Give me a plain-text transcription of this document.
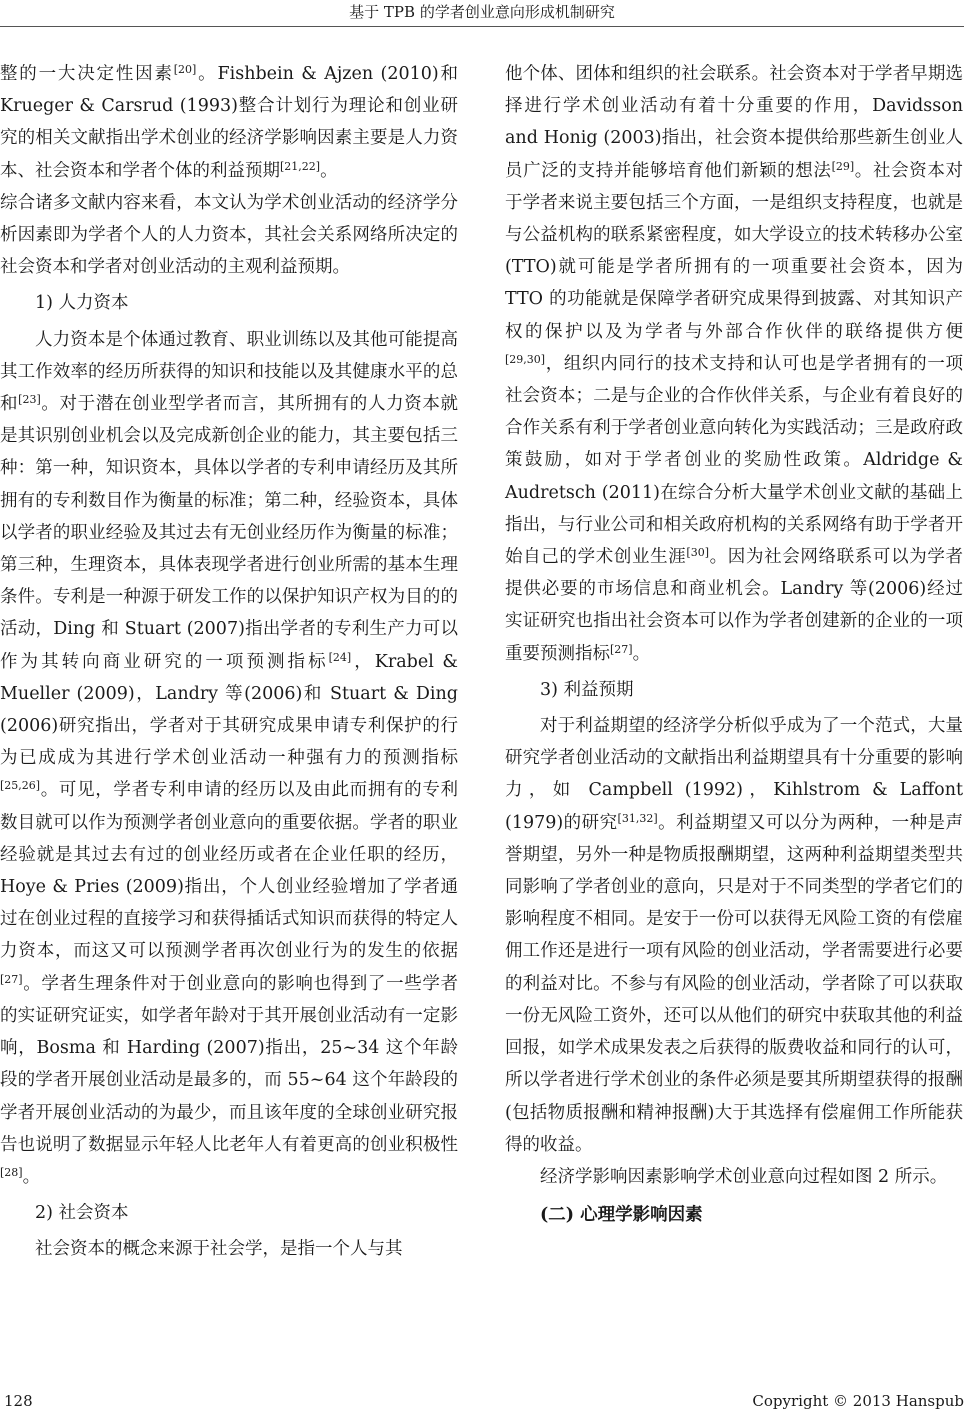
基于 TPB 的学者创业意向形成机制研究

整的一大决定性因素[20]。Fishbein & Ajzen (2010)和 Krueger & Carsrud (1993)整合计划行为理论和创业研究的相关文献指出学术创业的经济学影响因素主要是人力资本、社会资本和学者个体的利益预期[21,22]。

综合诸多文献内容来看，本文认为学术创业活动的经济学分析因素即为学者个人的人力资本，其社会关系网络所决定的社会资本和学者对创业活动的主观利益预期。

1) 人力资本

人力资本是个体通过教育、职业训练以及其他可能提高其工作效率的经历所获得的知识和技能以及其健康水平的总和[23]。对于潜在创业型学者而言，其所拥有的人力资本就是其识别创业机会以及完成新创企业的能力，其主要包括三种：第一种，知识资本，具体以学者的专利申请经历及其所拥有的专利数目作为衡量的标准；第二种，经验资本，具体以学者的职业经验及其过去有无创业经历作为衡量的标准；第三种，生理资本，具体表现学者进行创业所需的基本生理条件。专利是一种源于研发工作的以保护知识产权为目的的活动，Ding 和 Stuart (2007)指出学者的专利生产力可以作为其转向商业研究的一项预测指标[24]，Krabel & Mueller (2009)，Landry 等(2006)和 Stuart & Ding (2006)研究指出，学者对于其研究成果申请专利保护的行为已成成为其进行学术创业活动一种强有力的预测指标[25,26]。可见，学者专利申请的经历以及由此而拥有的专利数目就可以作为预测学者创业意向的重要依据。学者的职业经验就是其过去有过的创业经历或者在企业任职的经历，Hoye & Pries (2009)指出，个人创业经验增加了学者通过在创业过程的直接学习和获得插话式知识而获得的特定人力资本，而这又可以预测学者再次创业行为的发生的依据[27]。学者生理条件对于创业意向的影响也得到了一些学者的实证研究证实，如学者年龄对于其开展创业活动有一定影响，Bosma 和 Harding (2007)指出，25~34 这个年龄段的学者开展创业活动是最多的，而 55~64 这个年龄段的学者开展创业活动的为最少，而且该年度的全球创业研究报告也说明了数据显示年轻人比老年人有着更高的创业积极性[28]。

2) 社会资本

社会资本的概念来源于社会学，是指一个人与其

他个体、团体和组织的社会联系。社会资本对于学者早期选择进行学术创业活动有着十分重要的作用，Davidsson and Honig (2003)指出，社会资本提供给那些新生创业人员广泛的支持并能够培育他们新颖的想法[29]。社会资本对于学者来说主要包括三个方面，一是组织支持程度，也就是与公益机构的联系紧密程度，如大学设立的技术转移办公室(TTO)就可能是学者所拥有的一项重要社会资本，因为 TTO 的功能就是保障学者研究成果得到披露、对其知识产权的保护以及为学者与外部合作伙伴的联络提供方便[29,30]，组织内同行的技术支持和认可也是学者拥有的一项社会资本；二是与企业的合作伙伴关系，与企业有着良好的合作关系有利于学者创业意向转化为实践活动；三是政府政策鼓励，如对于学者创业的奖励性政策。Aldridge & Audretsch (2011)在综合分析大量学术创业文献的基础上指出，与行业公司和相关政府机构的关系网络有助于学者开始自己的学术创业生涯[30]。因为社会网络联系可以为学者提供必要的市场信息和商业机会。Landry 等(2006)经过实证研究也指出社会资本可以作为学者创建新的企业的一项重要预测指标[27]。

3) 利益预期

对于利益期望的经济学分析似乎成为了一个范式，大量研究学者创业活动的文献指出利益期望具有十分重要的影响力，如 Campbell (1992)，Kihlstrom & Laffont (1979)的研究[31,32]。利益期望又可以分为两种，一种是声誉期望，另外一种是物质报酬期望，这两种利益期望类型共同影响了学者创业的意向，只是对于不同类型的学者它们的影响程度不相同。是安于一份可以获得无风险工资的有偿雇佣工作还是进行一项有风险的创业活动，学者需要进行必要的利益对比。不参与有风险的创业活动，学者除了可以获取一份无风险工资外，还可以从他们的研究中获取其他的利益回报，如学术成果发表之后获得的版费收益和同行的认可，所以学者进行学术创业的条件必须是要其所期望获得的报酬(包括物质报酬和精神报酬)大于其选择有偿雇佣工作所能获得的收益。

经济学影响因素影响学术创业意向过程如图 2 所示。

(二) 心理学影响因素

128	Copyright © 2013 Hanspub
